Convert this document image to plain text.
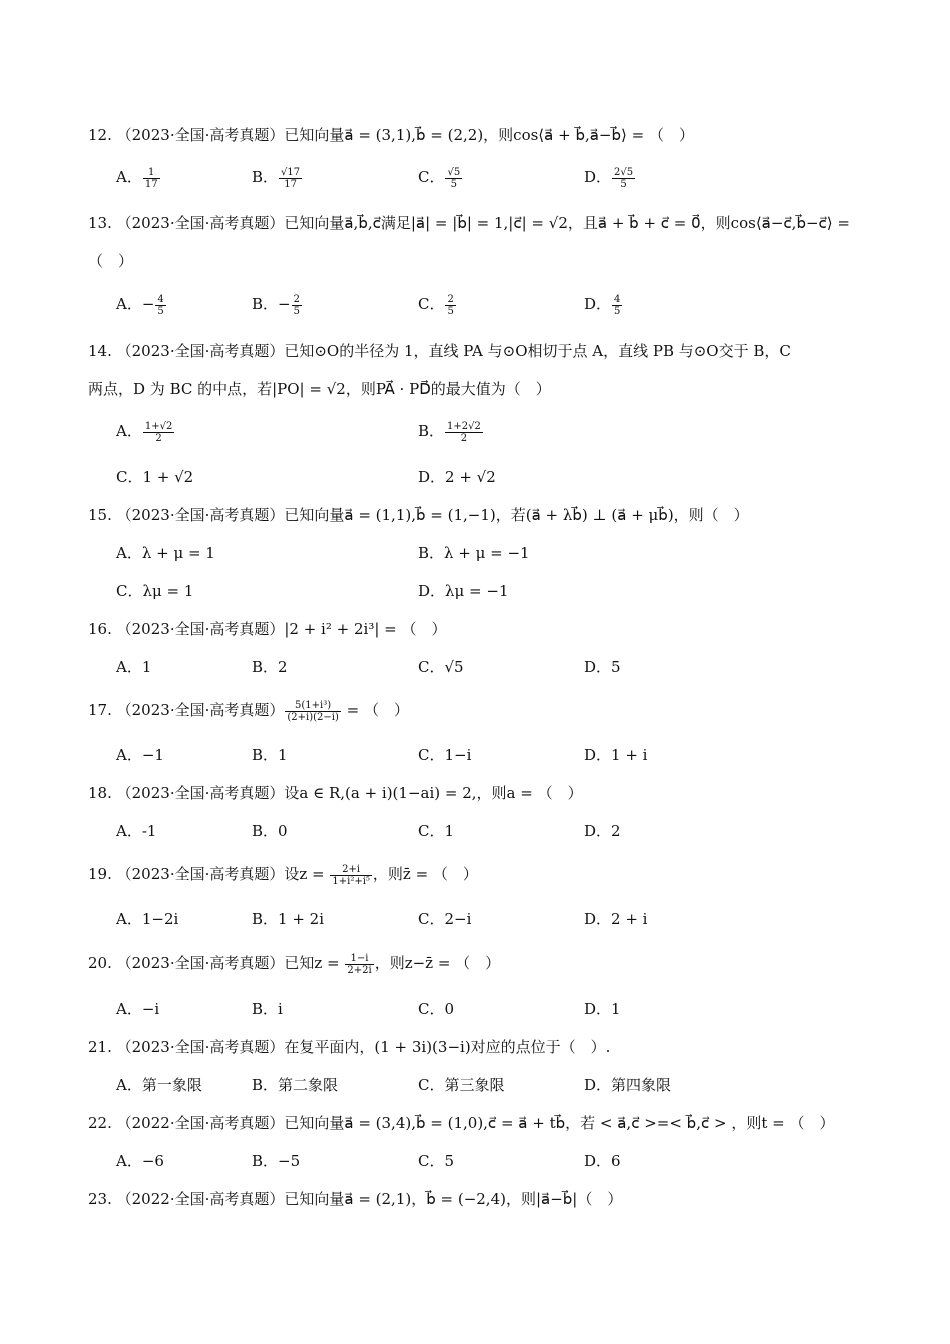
12. （2023·全国·高考真题）已知向量a⃗ = (3,1),b⃗ = (2,2)，则cos⟨a⃗ + b⃗,a⃗−b⃗⟩ = （　）
A． $\frac{1}{17}$	B． $\frac{√17}{17}$	C． $\frac{√5}{5}$	D． $\frac{2√5}{5}$
13. （2023·全国·高考真题）已知向量a⃗,b⃗,c⃗满足|a⃗| = |b⃗| = 1,|c⃗| = √2，且a⃗ + b⃗ + c⃗ = 0⃗，则cos⟨a⃗−c⃗,b⃗−c⃗⟩ =
（　）
A．− $\frac{4}{5}$	B．− $\frac{2}{5}$	C． $\frac{2}{5}$	D． $\frac{4}{5}$
14. （2023·全国·高考真题）已知⊙O的半径为 1，直线 PA 与⊙O相切于点 A，直线 PB 与⊙O交于 B，C
两点，D 为 BC 的中点，若|PO| = √2，则PA⃗ · PD⃗的最大值为（　）
A． $\frac{1+√2}{2}$	B． $\frac{1+2√2}{2}$
C．1 + √2	D．2 + √2
15. （2023·全国·高考真题）已知向量a⃗ = (1,1),b⃗ = (1,−1)，若(a⃗ + λb⃗) ⊥ (a⃗ + μb⃗)，则（　）
A．λ + μ = 1	B．λ + μ = −1
C．λμ = 1	D．λμ = −1
16. （2023·全国·高考真题）|2 + i² + 2i³| = （　）
A．1	B．2	C．√5	D．5
17. （2023·全国·高考真题） $\frac{\text{5(1+i³)}}{(2+i)(2-i)}$ = （　）
A．−1	B．1	C．1−i	D．1 + i
18. （2023·全国·高考真题）设a ∈ R,(a + i)(1−ai) = 2,，则a = （　）
A．-1	B．0	C．1	D．2
19. （2023·全国·高考真题）设$z = \frac{2+i}{\text{1+i²+i⁵}}$ ，则z̄ = （　）
A．1−2i	B．1 + 2i	C．2−i	D．2 + i
20. （2023·全国·高考真题）已知$z = \frac{1-i}{2+2i}$ ，则z−z̄ = （　）
A．−i	B．i	C．0	D．1
21. （2023·全国·高考真题）在复平面内，(1 + 3i)(3−i)对应的点位于（　）.
A．第一象限	B．第二象限	C．第三象限	D．第四象限
22. （2022·全国·高考真题）已知向量a⃗ = (3,4),b⃗ = (1,0),c⃗ = a⃗ + tb⃗，若 < a⃗,c⃗ >=< b⃗,c⃗ > ，则t = （　）
A．−6	B．−5	C．5	D．6
23. （2022·全国·高考真题）已知向量a⃗ = (2,1)，b⃗ = (−2,4)，则|a⃗−b⃗|（　）
